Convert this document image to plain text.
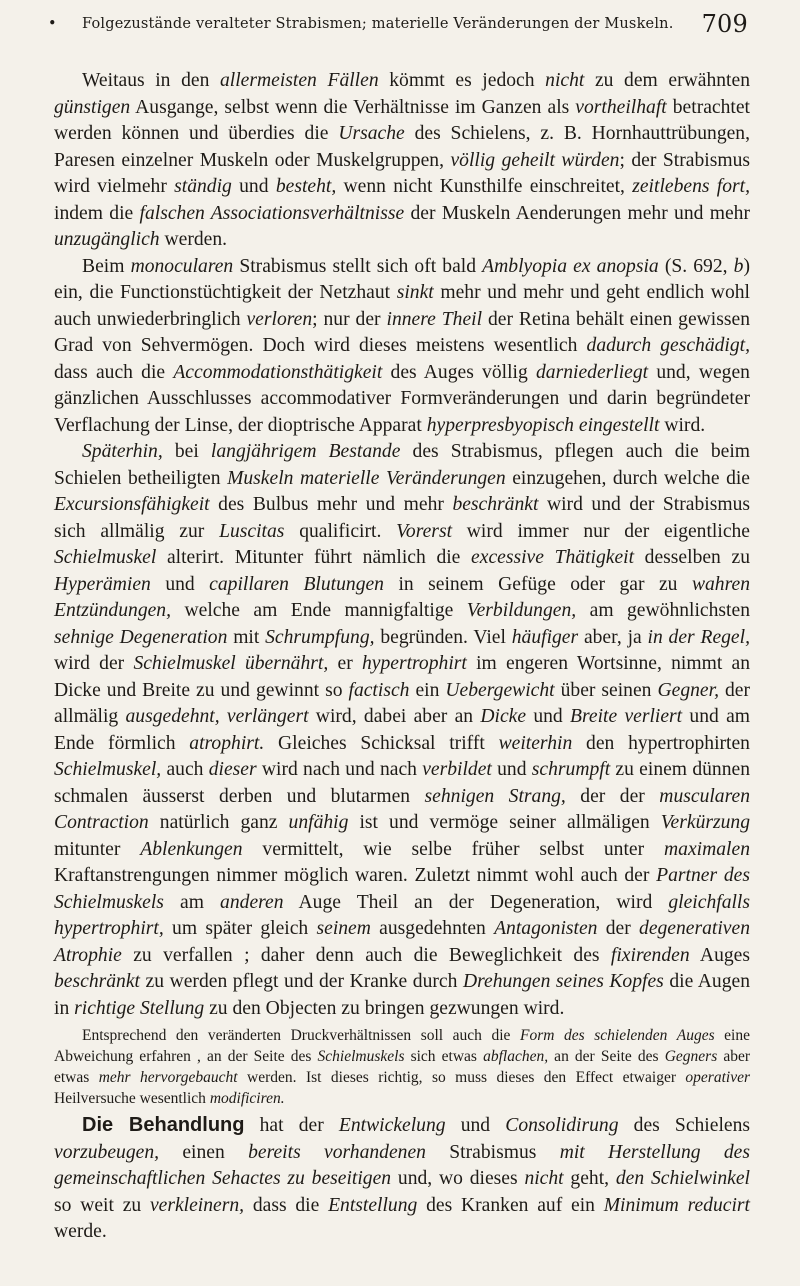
• Folgezustände veralteter Strabismen; materielle Veränderungen der Muskeln. 709

Weitaus in den allermeisten Fällen kömmt es jedoch nicht zu dem erwähnten günstigen Ausgange, selbst wenn die Verhältnisse im Ganzen als vortheilhaft betrachtet werden können und überdies die Ursache des Schielens, z. B. Hornhauttrübungen, Paresen einzelner Muskeln oder Muskelgruppen, völlig geheilt würden; der Strabismus wird vielmehr ständig und besteht, wenn nicht Kunsthilfe einschreitet, zeitlebens fort, indem die falschen Associationsverhältnisse der Muskeln Aenderungen mehr und mehr unzugänglich werden.

Beim monocularen Strabismus stellt sich oft bald Amblyopia ex anopsia (S. 692, b) ein, die Functionstüchtigkeit der Netzhaut sinkt mehr und mehr und geht endlich wohl auch unwiederbringlich verloren; nur der innere Theil der Retina behält einen gewissen Grad von Sehvermögen. Doch wird dieses meistens wesentlich dadurch geschädigt, dass auch die Accommodationsthätigkeit des Auges völlig darniederliegt und, wegen gänzlichen Ausschlusses accommodativer Formveränderungen und darin begründeter Verflachung der Linse, der dioptrische Apparat hyperpresbyopisch eingestellt wird.

Späterhin, bei langjährigem Bestande des Strabismus, pflegen auch die beim Schielen betheiligten Muskeln materielle Veränderungen einzugehen, durch welche die Excursionsfähigkeit des Bulbus mehr und mehr beschränkt wird und der Strabismus sich allmälig zur Luscitas qualificirt. Vorerst wird immer nur der eigentliche Schielmuskel alterirt. Mitunter führt nämlich die excessive Thätigkeit desselben zu Hyperämien und capillaren Blutungen in seinem Gefüge oder gar zu wahren Entzündungen, welche am Ende mannigfaltige Verbildungen, am gewöhnlichsten sehnige Degeneration mit Schrumpfung, begründen. Viel häufiger aber, ja in der Regel, wird der Schielmuskel übernährt, er hypertrophirt im engeren Wortsinne, nimmt an Dicke und Breite zu und gewinnt so factisch ein Uebergewicht über seinen Gegner, der allmälig ausgedehnt, verlängert wird, dabei aber an Dicke und Breite verliert und am Ende förmlich atrophirt. Gleiches Schicksal trifft weiterhin den hypertrophirten Schielmuskel, auch dieser wird nach und nach verbildet und schrumpft zu einem dünnen schmalen äusserst derben und blutarmen sehnigen Strang, der der muscularen Contraction natürlich ganz unfähig ist und vermöge seiner allmäligen Verkürzung mitunter Ablenkungen vermittelt, wie selbe früher selbst unter maximalen Kraftanstrengungen nimmer möglich waren. Zuletzt nimmt wohl auch der Partner des Schielmuskels am anderen Auge Theil an der Degeneration, wird gleichfalls hypertrophirt, um später gleich seinem ausgedehnten Antagonisten der degenerativen Atrophie zu verfallen ; daher denn auch die Beweglichkeit des fixirenden Auges beschränkt zu werden pflegt und der Kranke durch Drehungen seines Kopfes die Augen in richtige Stellung zu den Objecten zu bringen gezwungen wird.

Entsprechend den veränderten Druckverhältnissen soll auch die Form des schielenden Auges eine Abweichung erfahren , an der Seite des Schielmuskels sich etwas abflachen, an der Seite des Gegners aber etwas mehr hervorgebaucht werden. Ist dieses richtig, so muss dieses den Effect etwaiger operativer Heilversuche wesentlich modificiren.

Die Behandlung hat der Entwickelung und Consolidirung des Schielens vorzubeugen, einen bereits vorhandenen Strabismus mit Herstellung des gemeinschaftlichen Sehactes zu beseitigen und, wo dieses nicht geht, den Schielwinkel so weit zu verkleinern, dass die Entstellung des Kranken auf ein Minimum reducirt werde.
